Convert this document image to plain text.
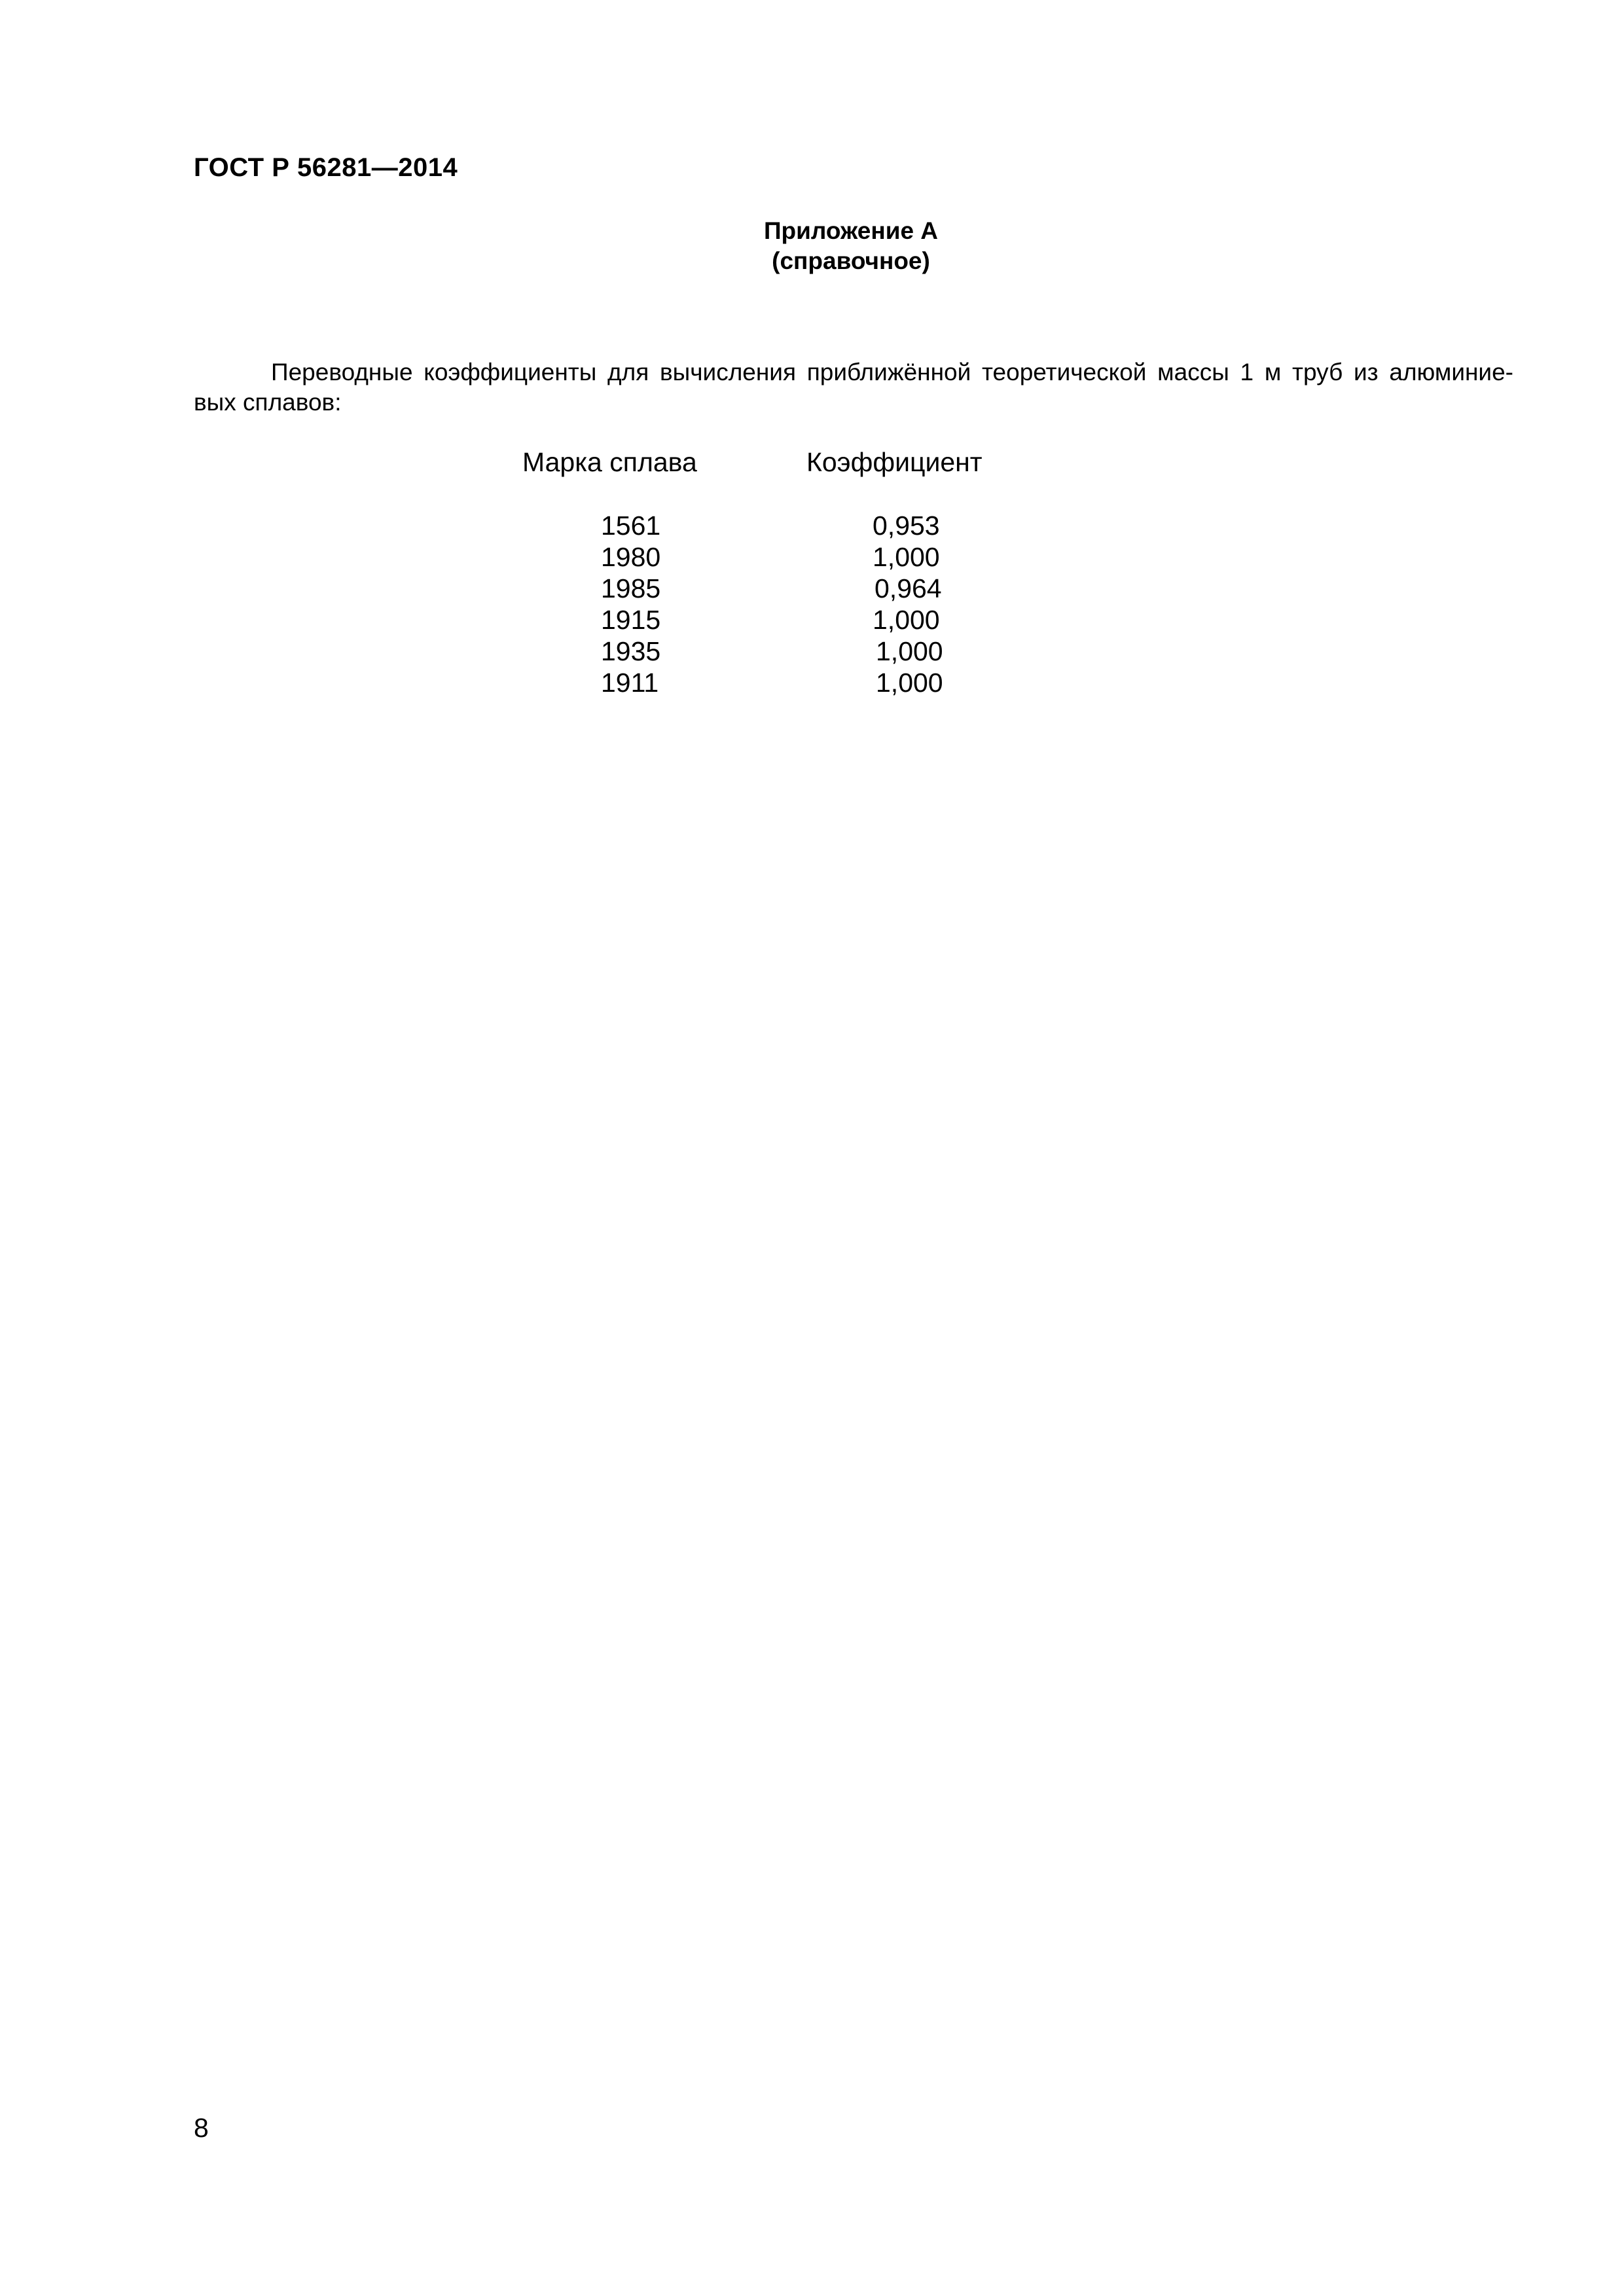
ГОСТ Р 56281—2014
Приложение А
(справочное)
Переводные коэффициенты для вычисления приближённой теоретической массы 1 м труб из алюминие-
вых сплавов:
Марка сплава	Коэффициент
1561	0,953
1980	1,000
1985	0,964
1915	1,000
1935	1,000
1911	1,000
8
